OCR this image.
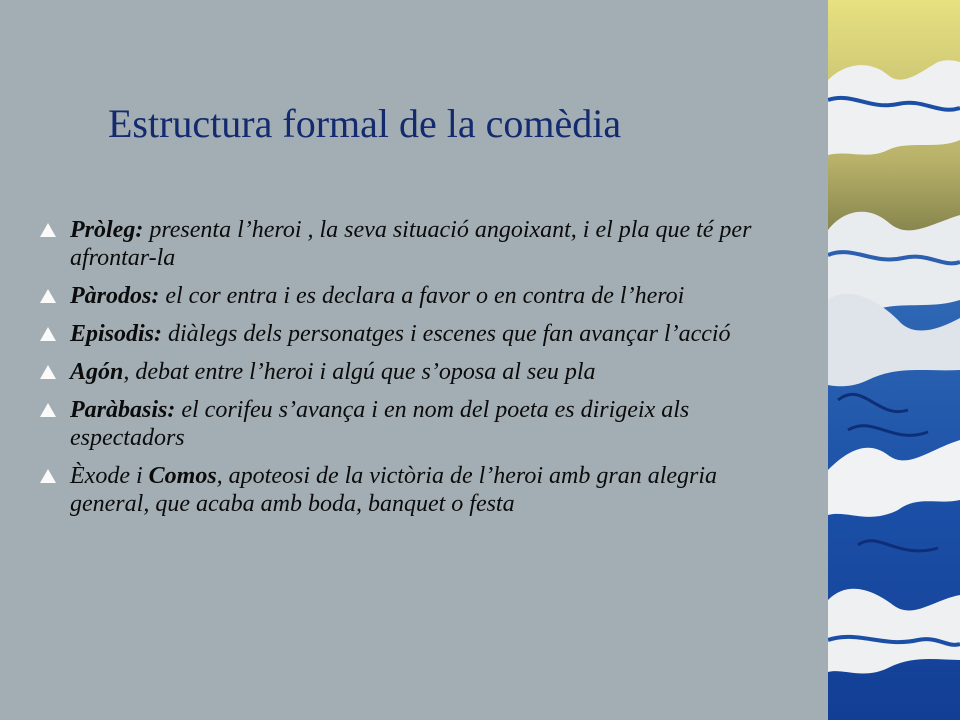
Estructura formal de la comèdia
Pròleg: presenta l’heroi , la seva situació angoixant, i el pla que té per afrontar-la
Pàrodos: el cor entra i es declara a favor o en contra de l’heroi
Episodis: diàlegs dels personatges i escenes que fan avançar l’acció
Agón, debat entre l’heroi i algú que s’oposa al seu pla
Paràbasis: el corifeu s’avança i en nom del poeta es dirigeix als espectadors
Èxode i Comos, apoteosi de la victòria de l’heroi amb gran alegria general, que acaba amb boda, banquet o festa
